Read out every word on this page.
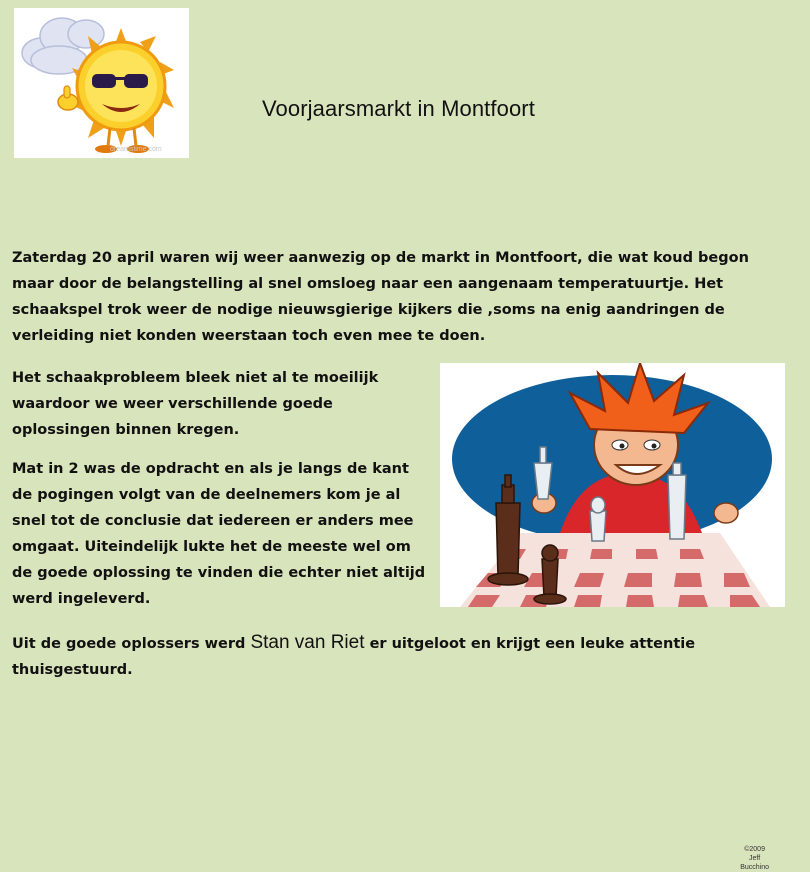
dreamstime.com
Voorjaarsmarkt in Montfoort

Zaterdag 20 april waren wij weer aanwezig op de markt in Montfoort, die wat koud begon maar door de belangstelling al snel omsloeg naar een aangenaam temperatuurtje. Het schaakspel trok weer de nodige nieuwsgierige kijkers die ,soms na enig aandringen de verleiding niet konden weerstaan toch even mee te doen.

Het schaakprobleem bleek niet al te moeilijk waardoor we weer verschillende goede oplossingen binnen kregen.

Mat in 2 was de opdracht en als je langs de kant de pogingen volgt van de deelnemers kom je al snel tot de conclusie dat iedereen er anders mee omgaat. Uiteindelijk lukte het de meeste wel om de goede oplossing te vinden die echter niet altijd werd ingeleverd.

Uit de goede oplossers werd Stan van Riet er uitgeloot en krijgt een leuke attentie thuisgestuurd.

©2009
Jeff
Bucchino
